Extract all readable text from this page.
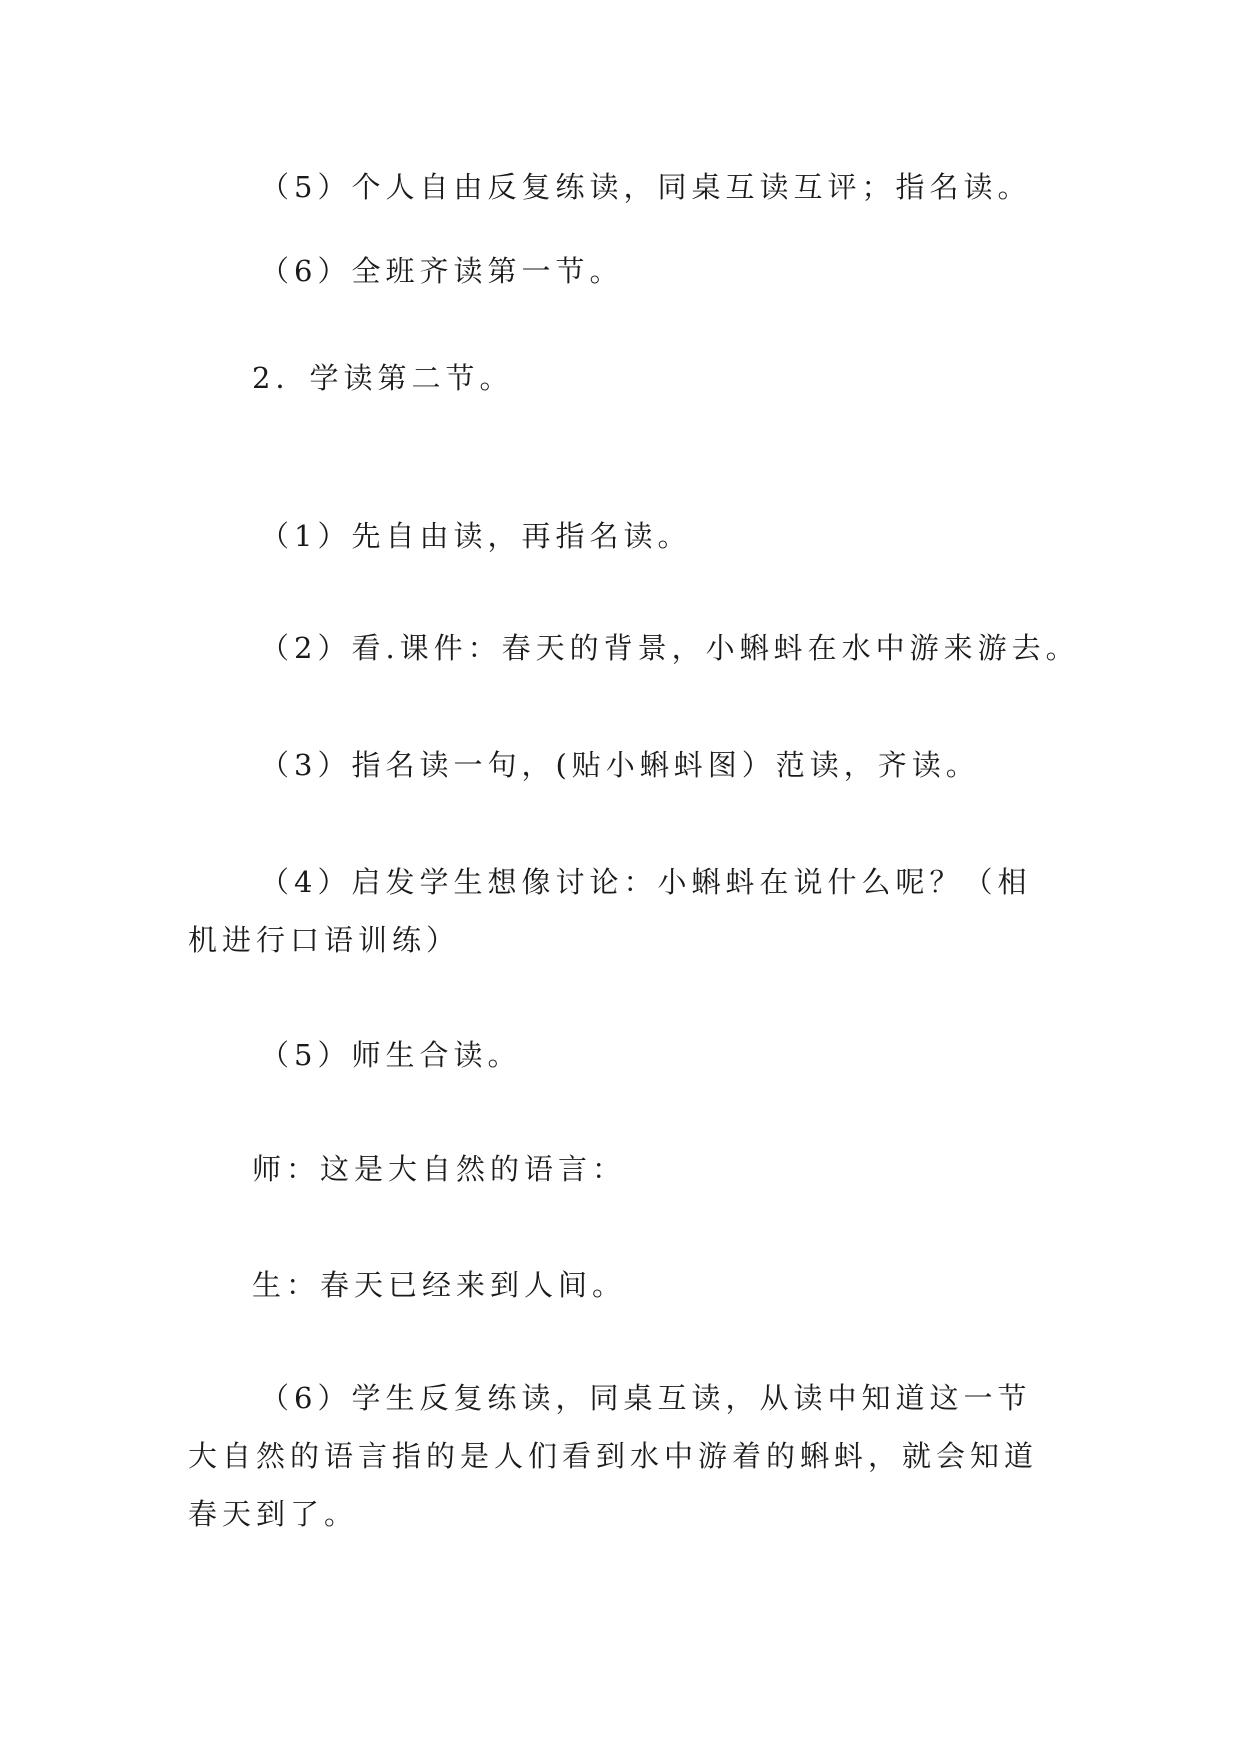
（5）个人自由反复练读，同桌互读互评；指名读。

（6）全班齐读第一节。

2．学读第二节。

（1）先自由读，再指名读。

（2）看.课件：春天的背景，小蝌蚪在水中游来游去。

（3）指名读一句，(贴小蝌蚪图）范读，齐读。

（4）启发学生想像讨论：小蝌蚪在说什么呢？（相机进行口语训练）

（5）师生合读。

师：这是大自然的语言：

生：春天已经来到人间。

（6）学生反复练读，同桌互读，从读中知道这一节大自然的语言指的是人们看到水中游着的蝌蚪，就会知道春天到了。
